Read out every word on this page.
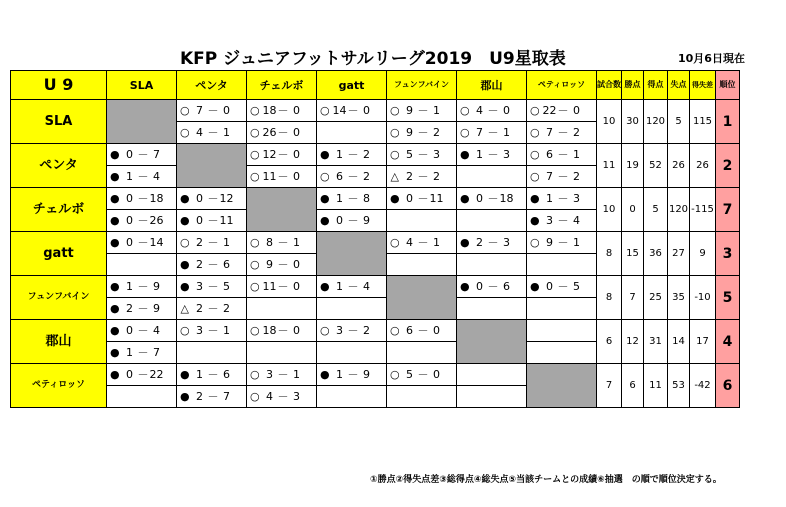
KFP ジュニアフットサルリーグ2019　U9星取表	10月6日現在
U 9	SLA					ペンタ					チェルボ					gatt					フュンフバイン					郡山					ペティロッソ					試合数	勝点	得点	失点	得失差	順位
SLA						○	7	－	0		○	18	－	0		○	14	－	0		○	9	－	1		○	4	－	0		○	22	－	0		10	30	120	5	115	1
						○	4	－	1		○	26	－	0							○	9	－	2		○	7	－	1		○	7	－	2							
ペンタ	●	0	－	7							○	12	－	0		●	1	－	2		○	5	－	3		●	1	－	3		○	6	－	1		11	19	52	26	26	2
	●	1	－	4							○	11	－	0		○	6	－	2		△	2	－	2							○	7	－	2							
チェルボ	●	0	－	18		●	0	－	12							●	1	－	8		●	0	－	11		●	0	－	18		●	1	－	3		10	0	5	120	-115	7
	●	0	－	26		●	0	－	11							●	0	－	9												●	3	－	4							
gatt	●	0	－	14		○	2	－	1		○	8	－	1							○	4	－	1		●	2	－	3		○	9	－	1		8	15	36	27	9	3
						●	2	－	6		○	9	－	0																											
フュンフバイン	●	1	－	9		●	3	－	5		○	11	－	0		●	1	－	4							●	0	－	6		●	0	－	5		8	7	25	35	-10	5
	●	2	－	9		△	2	－	2																																
郡山	●	0	－	4		○	3	－	1		○	18	－	0		○	3	－	2		○	6	－	0												6	12	31	14	17	4
	●	1	－	7																																					
ペティロッソ	●	0	－	22		●	1	－	6		○	3	－	1		●	1	－	9		○	5	－	0												7	6	11	53	-42	6
						●	2	－	7		○	4	－	3																											
①勝点②得失点差③総得点④総失点⑤当該チームとの成績⑥抽選　の順で順位決定する。
